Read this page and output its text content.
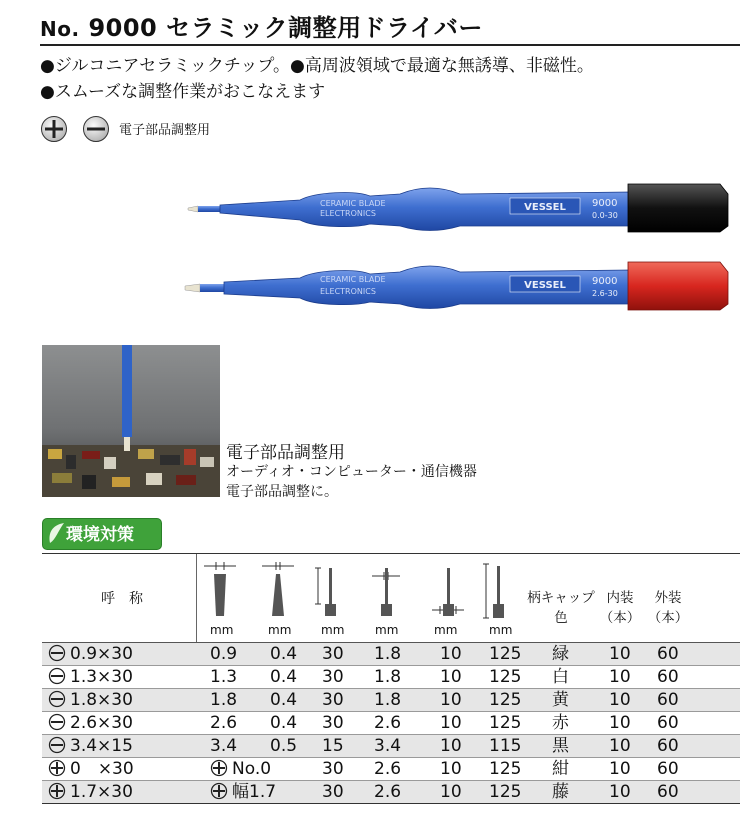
No. 9000 セラミック調整用ドライバー
●ジルコニアセラミックチップ。●高周波領域で最適な無誘導、非磁性。
●スムーズな調整作業がおこなえます
電子部品調整用
VESSEL
CERAMIC BLADE
ELECTRONICS
9000
0.0-30
VESSEL
CERAMIC BLADE
ELECTRONICS
9000
2.6-30
電子部品調整用
オーディオ・コンピューター・通信機器
電子部品調整に。
環境対策
呼　称
mm	mm mm	mm	mm	mm
柄キャップ
色
内装
（本）
外装
（本）
0.9×30	0.9 0.4 30 1.8 10 125 緑 10 60
1.3×30	1.3 0.4 30 1.8 10 125 白 10 60
1.8×30	1.8 0.4 30 1.8 10 125 黄 10 60
2.6×30	2.6 0.4 30 2.6 10 125 赤 10 60
3.4×15	3.4 0.5 15 3.4 10 115 黒 10 60
0　×30	No.0	30 2.6 10 125 紺 10 60
1.7×30	幅1.7	30 2.6 10 125 藤 10 60
